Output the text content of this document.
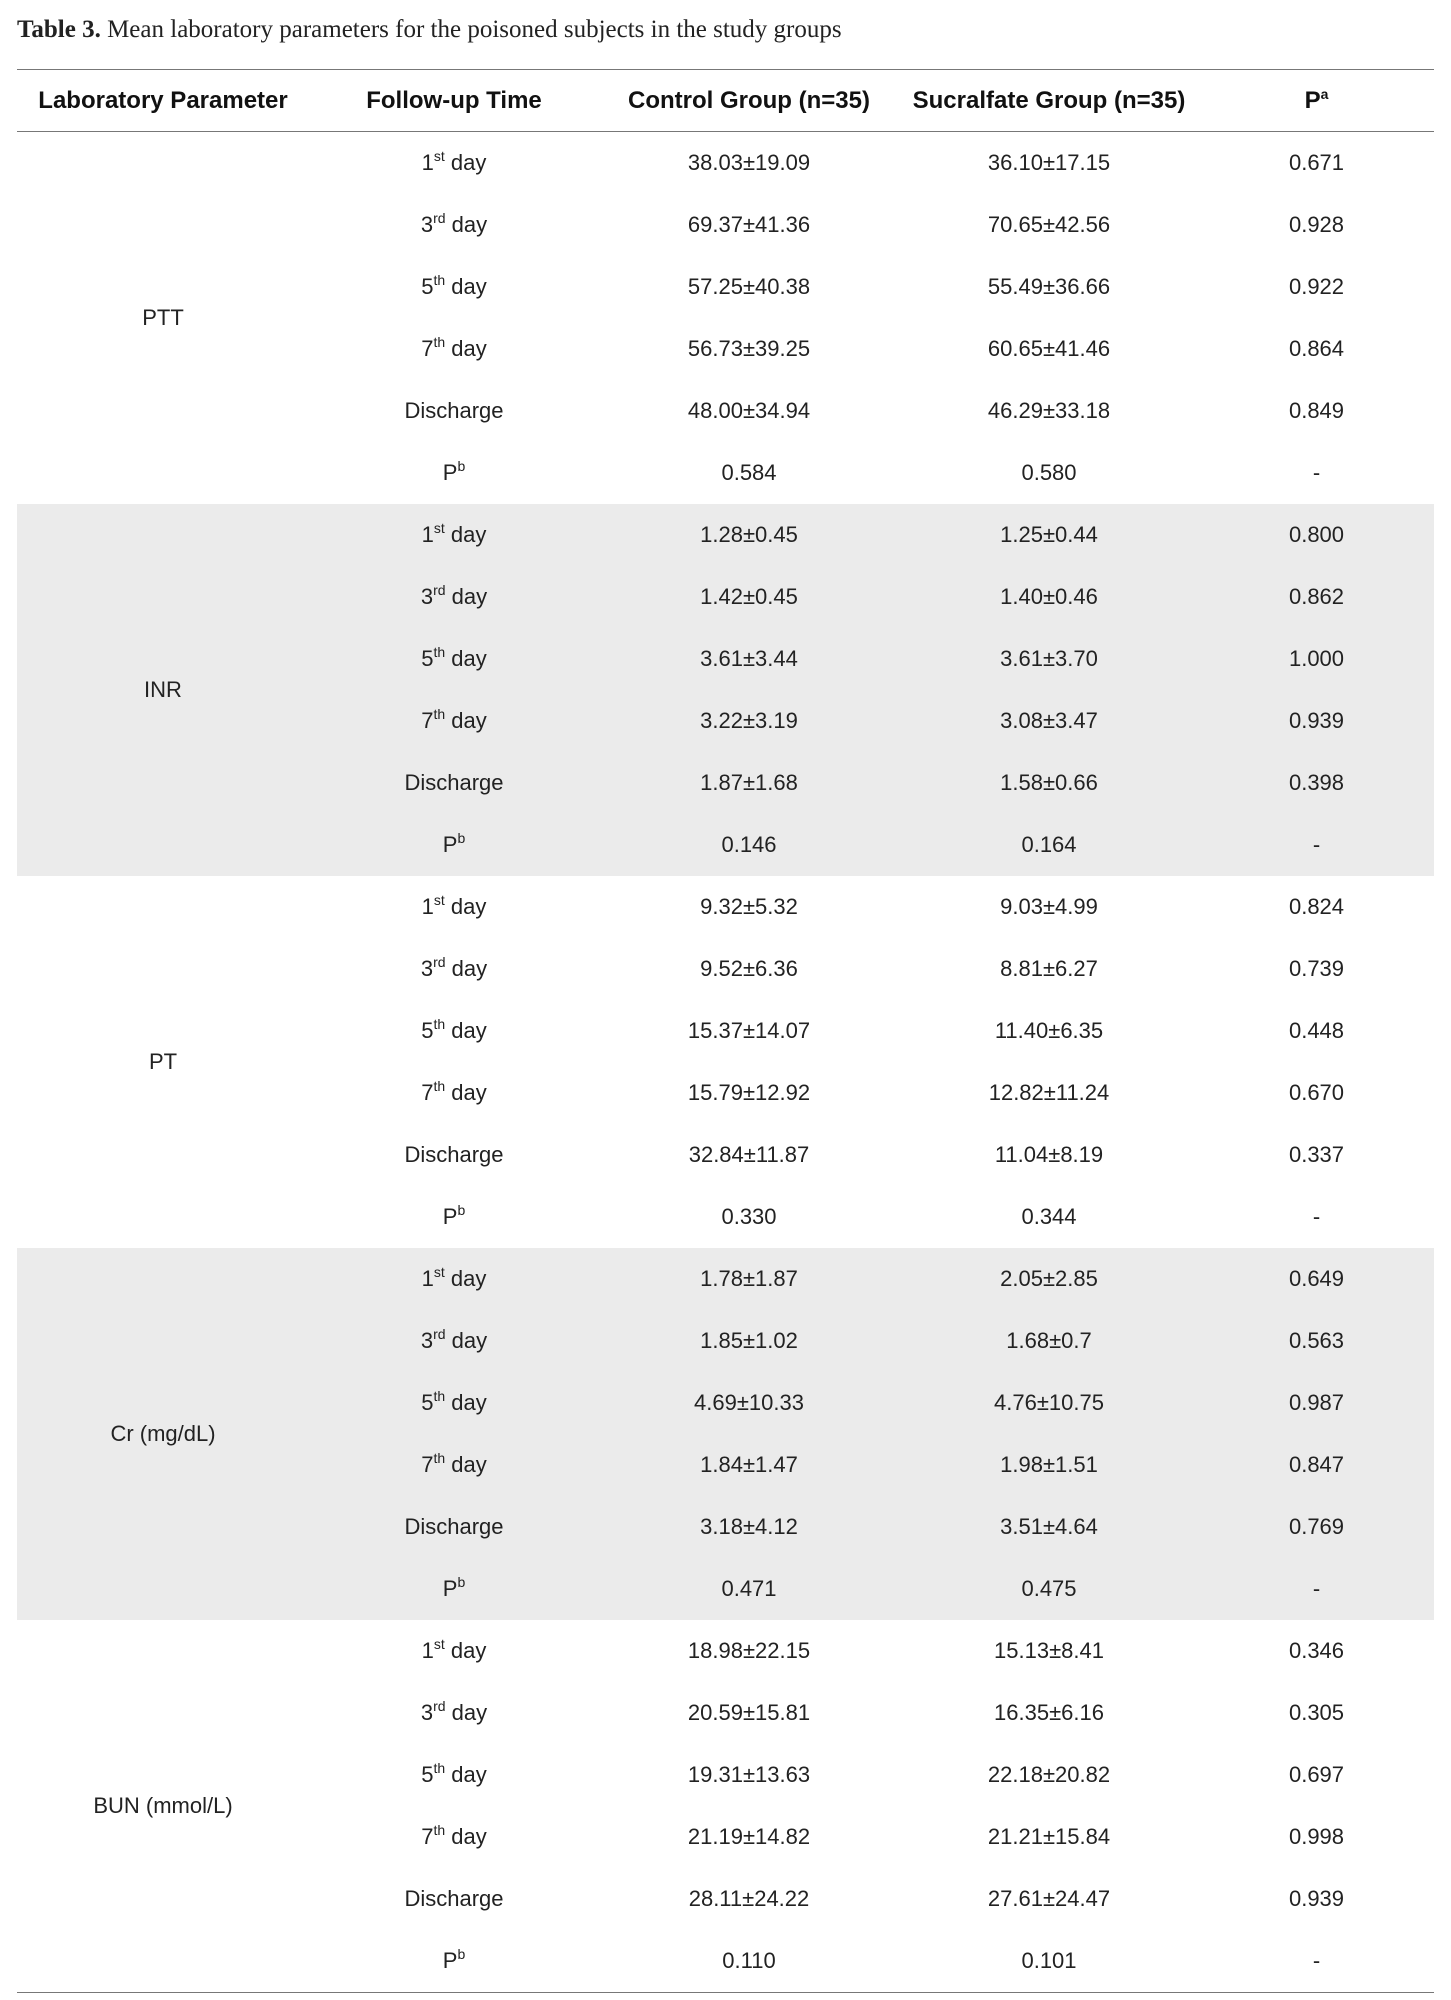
Table 3. Mean laboratory parameters for the poisoned subjects in the study groups
Laboratory Parameter	Follow-up Time	Control Group (n=35)	Sucralfate Group (n=35)	$P^a$
PTT	1st day	38.03±19.09	36.10±17.15	0.671
	3rd day	69.37±41.36	70.65±42.56	0.928
	5th day	57.25±40.38	55.49±36.66	0.922
	7th day	56.73±39.25	60.65±41.46	0.864
	Discharge	48.00±34.94	46.29±33.18	0.849
	$P^b$	0.584	0.580	-
INR	1st day	1.28±0.45	1.25±0.44	0.800
	3rd day	1.42±0.45	1.40±0.46	0.862
	5th day	3.61±3.44	3.61±3.70	1.000
	7th day	3.22±3.19	3.08±3.47	0.939
	Discharge	1.87±1.68	1.58±0.66	0.398
	$P^b$	0.146	0.164	-
PT	1st day	9.32±5.32	9.03±4.99	0.824
	3rd day	9.52±6.36	8.81±6.27	0.739
	5th day	15.37±14.07	11.40±6.35	0.448
	7th day	15.79±12.92	12.82±11.24	0.670
	Discharge	32.84±11.87	11.04±8.19	0.337
	$P^b$	0.330	0.344	-
Cr (mg/dL)	1st day	1.78±1.87	2.05±2.85	0.649
	3rd day	1.85±1.02	1.68±0.7	0.563
	5th day	4.69±10.33	4.76±10.75	0.987
	7th day	1.84±1.47	1.98±1.51	0.847
	Discharge	3.18±4.12	3.51±4.64	0.769
	$P^b$	0.471	0.475	-
BUN (mmol/L)	1st day	18.98±22.15	15.13±8.41	0.346
	3rd day	20.59±15.81	16.35±6.16	0.305
	5th day	19.31±13.63	22.18±20.82	0.697
	7th day	21.19±14.82	21.21±15.84	0.998
	Discharge	28.11±24.22	27.61±24.47	0.939
	$P^b$	0.110	0.101	-
